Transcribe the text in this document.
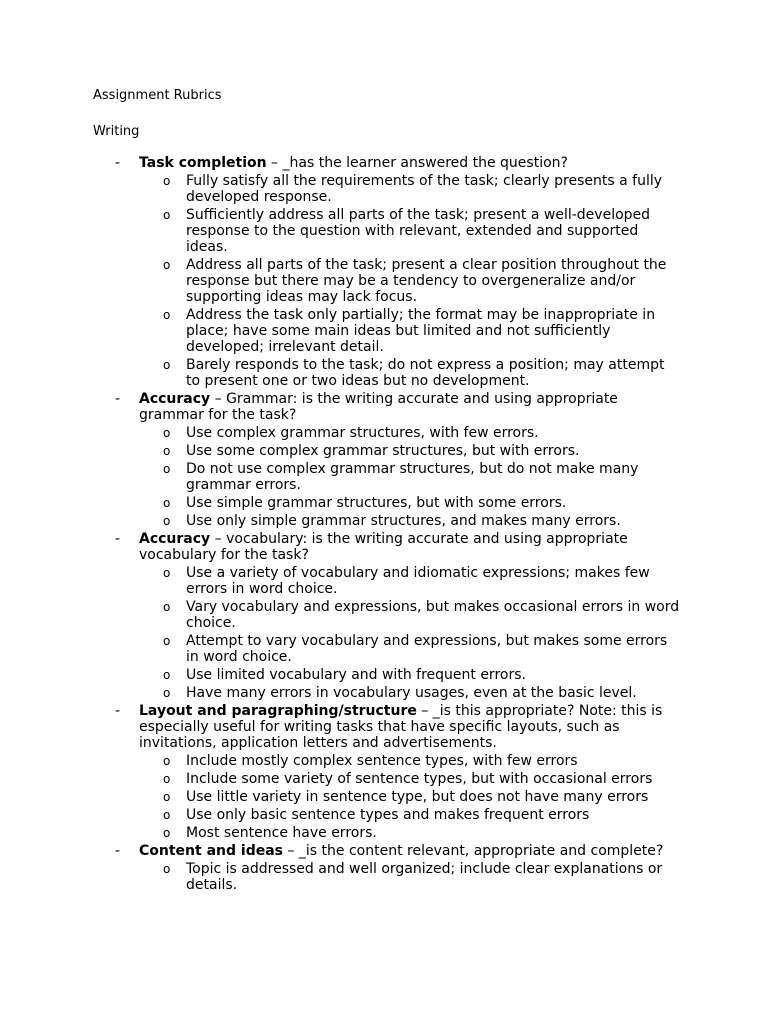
Assignment Rubrics
Writing
-	Task completion – _has the learner answered the question?
o Fully satisfy all the requirements of the task; clearly presents a fully developed response.
o Sufficiently address all parts of the task; present a well-developed response to the question with relevant, extended and supported ideas.
o Address all parts of the task; present a clear position throughout the response but there may be a tendency to overgeneralize and/or supporting ideas may lack focus.
o Address the task only partially; the format may be inappropriate in place; have some main ideas but limited and not sufficiently developed; irrelevant detail.
o Barely responds to the task; do not express a position; may attempt to present one or two ideas but no development.
-	Accuracy – Grammar: is the writing accurate and using appropriate grammar for the task?
o Use complex grammar structures, with few errors.
o Use some complex grammar structures, but with errors.
o Do not use complex grammar structures, but do not make many grammar errors.
o Use simple grammar structures, but with some errors.
o Use only simple grammar structures, and makes many errors.
-	Accuracy – vocabulary: is the writing accurate and using appropriate vocabulary for the task?
o Use a variety of vocabulary and idiomatic expressions; makes few errors in word choice.
o Vary vocabulary and expressions, but makes occasional errors in word choice.
o Attempt to vary vocabulary and expressions, but makes some errors in word choice.
o Use limited vocabulary and with frequent errors.
o Have many errors in vocabulary usages, even at the basic level.
-	Layout and paragraphing/structure – _is this appropriate? Note: this is especially useful for writing tasks that have specific layouts, such as invitations, application letters and advertisements.
o Include mostly complex sentence types, with few errors
o Include some variety of sentence types, but with occasional errors
o Use little variety in sentence type, but does not have many errors
o Use only basic sentence types and makes frequent errors
o Most sentence have errors.
-	Content and ideas – _is the content relevant, appropriate and complete?
o Topic is addressed and well organized; include clear explanations or details.
